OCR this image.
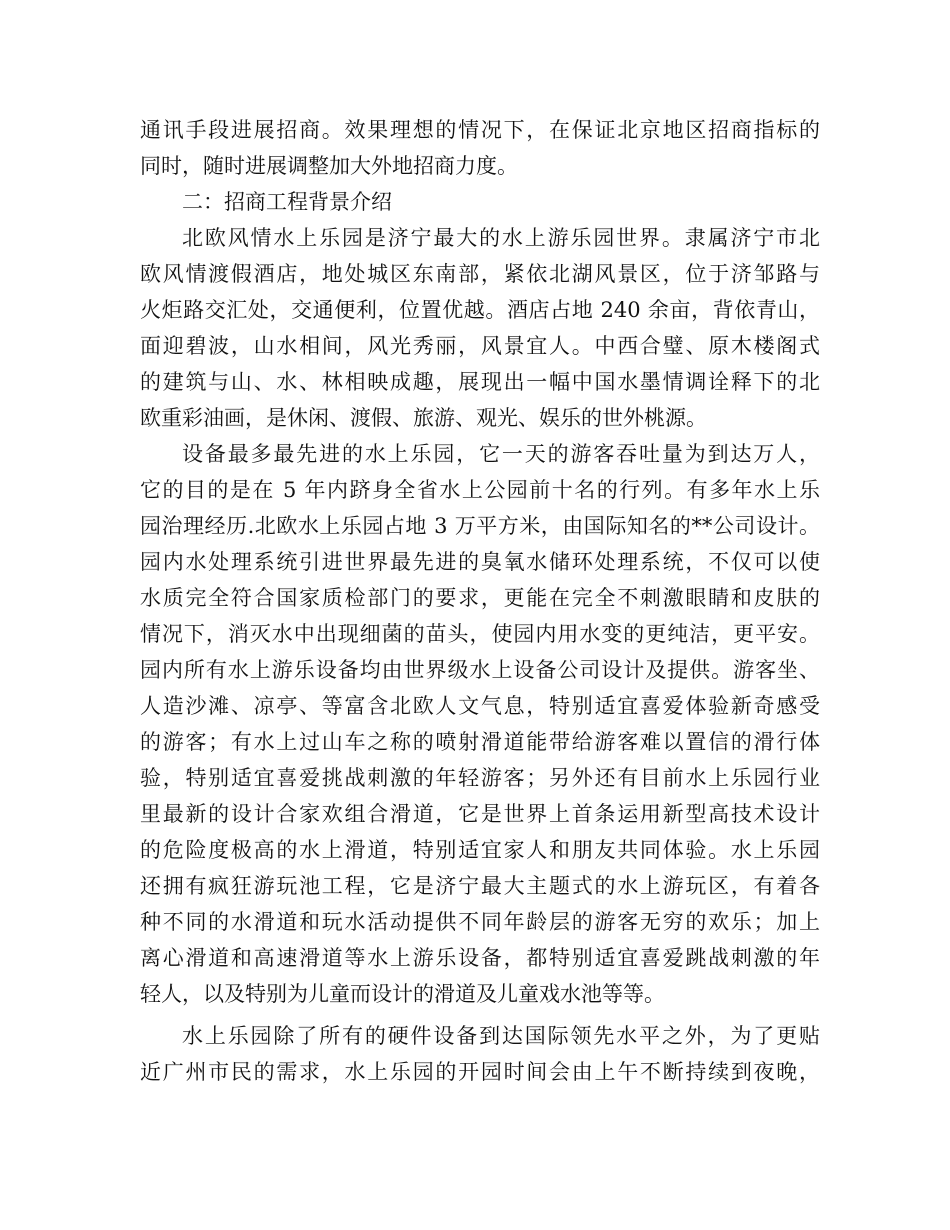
通讯手段进展招商。效果理想的情况下，在保证北京地区招商指标的
同时，随时进展调整加大外地招商力度。
二：招商工程背景介绍
北欧风情水上乐园是济宁最大的水上游乐园世界。隶属济宁市北
欧风情渡假酒店，地处城区东南部，紧依北湖风景区，位于济邹路与
火炬路交汇处，交通便利，位置优越。酒店占地 240 余亩，背依青山，
面迎碧波，山水相间，风光秀丽，风景宜人。中西合璧、原木楼阁式
的建筑与山、水、林相映成趣，展现出一幅中国水墨情调诠释下的北
欧重彩油画，是休闲、渡假、旅游、观光、娱乐的世外桃源。
设备最多最先进的水上乐园，它一天的游客吞吐量为到达万人，
它的目的是在 5 年内跻身全省水上公园前十名的行列。有多年水上乐
园治理经历.北欧水上乐园占地 3 万平方米，由国际知名的**公司设计。
园内水处理系统引进世界最先进的臭氧水储环处理系统，不仅可以使
水质完全符合国家质检部门的要求，更能在完全不刺激眼睛和皮肤的
情况下，消灭水中出现细菌的苗头，使园内用水变的更纯洁，更平安。
园内所有水上游乐设备均由世界级水上设备公司设计及提供。游客坐、
人造沙滩、凉亭、等富含北欧人文气息，特别适宜喜爱体验新奇感受
的游客；有水上过山车之称的喷射滑道能带给游客难以置信的滑行体
验，特别适宜喜爱挑战刺激的年轻游客；另外还有目前水上乐园行业
里最新的设计合家欢组合滑道，它是世界上首条运用新型高技术设计
的危险度极高的水上滑道，特别适宜家人和朋友共同体验。水上乐园
还拥有疯狂游玩池工程，它是济宁最大主题式的水上游玩区，有着各
种不同的水滑道和玩水活动提供不同年龄层的游客无穷的欢乐；加上
离心滑道和高速滑道等水上游乐设备，都特别适宜喜爱跳战刺激的年
轻人，以及特别为儿童而设计的滑道及儿童戏水池等等。
水上乐园除了所有的硬件设备到达国际领先水平之外，为了更贴
近广州市民的需求，水上乐园的开园时间会由上午不断持续到夜晚，
